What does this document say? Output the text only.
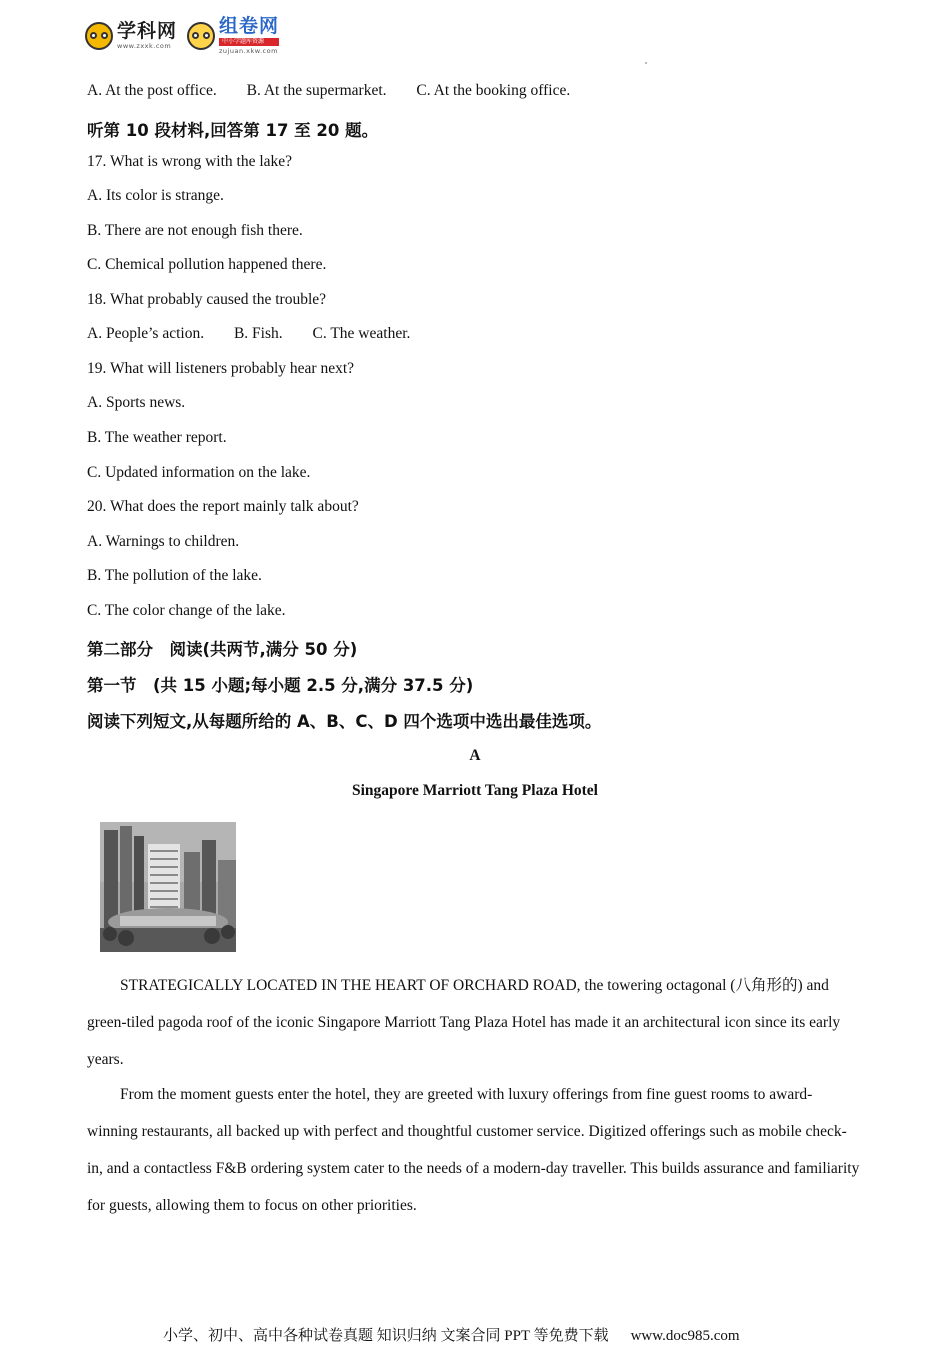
学科网
www.zxxk.com
组卷网
中小学题库资源
zujuan.xkw.com
A. At the post office. B. At the supermarket. C. At the booking office.
听第 10 段材料,回答第 17 至 20 题。
17. What is wrong with the lake?
A. Its color is strange.
B. There are not enough fish there.
C. Chemical pollution happened there.
18. What probably caused the trouble?
A. People’s action. B. Fish. C. The weather.
19. What will listeners probably hear next?
A. Sports news.
B. The weather report.
C. Updated information on the lake.
20. What does the report mainly talk about?
A. Warnings to children.
B. The pollution of the lake.
C. The color change of the lake.
第二部分　阅读(共两节,满分 50 分)
第一节　(共 15 小题;每小题 2.5 分,满分 37.5 分)
阅读下列短文,从每题所给的 A、B、C、D 四个选项中选出最佳选项。
A
Singapore Marriott Tang Plaza Hotel
STRATEGICALLY LOCATED IN THE HEART OF ORCHARD ROAD, the towering octagonal (八角形的) and green-tiled pagoda roof of the iconic Singapore Marriott Tang Plaza Hotel has made it an architectural icon since its early years.
From the moment guests enter the hotel, they are greeted with luxury offerings from fine guest rooms to award-winning restaurants, all backed up with perfect and thoughtful customer service. Digitized offerings such as mobile check-in, and a contactless F&B ordering system cater to the needs of a modern-day traveller. This builds assurance and familiarity for guests, allowing them to focus on other priorities.
小学、初中、高中各种试卷真题 知识归纳 文案合同 PPT 等免费下载 www.doc985.com
